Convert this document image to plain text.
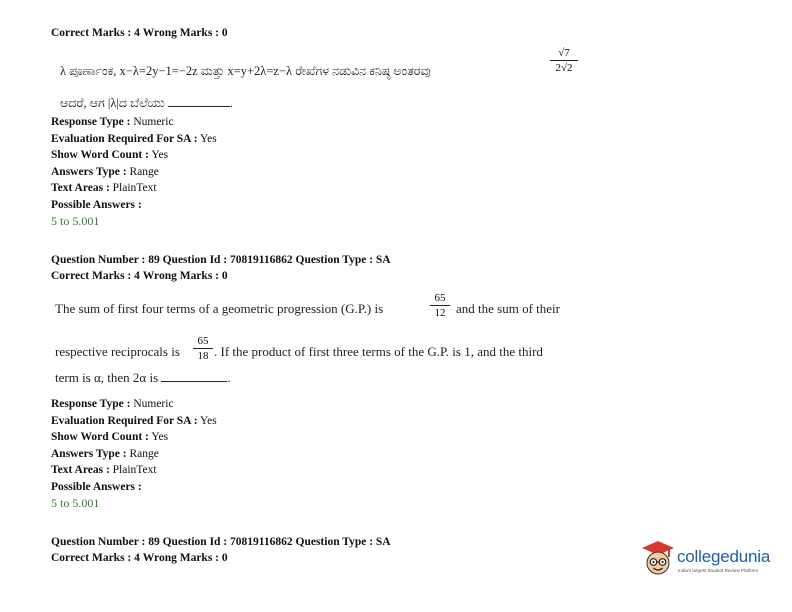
Correct Marks : 4 Wrong Marks : 0
λ ಪೂರ್ಣಾಂಕ, x−λ=2y−1=−2z ಮತ್ತು x=y+2λ=z−λ ರೇಖೆಗಳ ನಡುವಿನ ಕನಿಷ್ಠ ಅಂತರವು
√7
2√2
ಆದರೆ, ಆಗ |λ|ದ ಬೆಲೆಯು	.
Response Type : Numeric
Evaluation Required For SA : Yes
Show Word Count : Yes
Answers Type : Range
Text Areas : PlainText
Possible Answers :
5 to 5.001
Question Number : 89 Question Id : 70819116862 Question Type : SA
Correct Marks : 4 Wrong Marks : 0
The sum of first four terms of a geometric progression (G.P.) is
65
12 and the sum of their
respective reciprocals is
65
18 . If the product of first three terms of the G.P. is 1, and the third
term is α, then 2α is	.
Response Type : Numeric
Evaluation Required For SA : Yes
Show Word Count : Yes
Answers Type : Range
Text Areas : PlainText
Possible Answers :
5 to 5.001
Question Number : 89 Question Id : 70819116862 Question Type : SA
Correct Marks : 4 Wrong Marks : 0	collegedunia
India's largest Student Review Platform
